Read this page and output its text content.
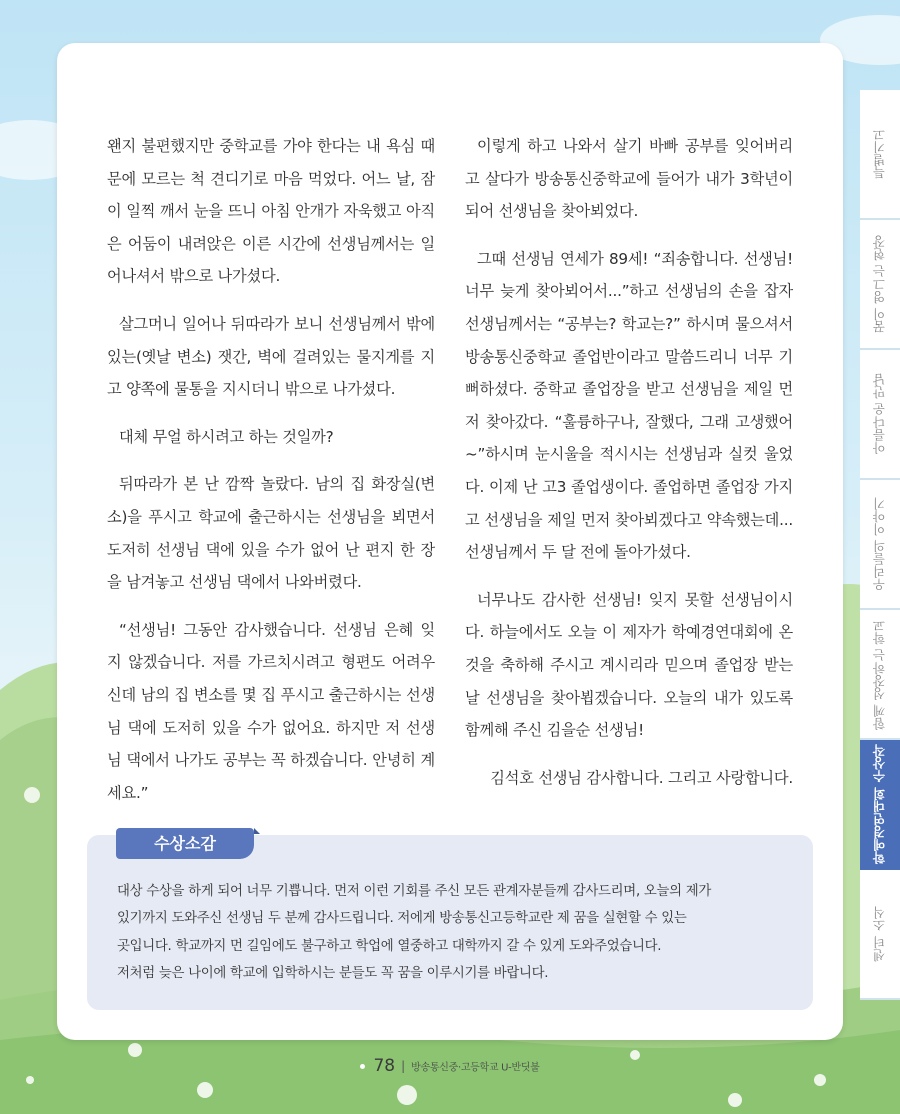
특별기고
꿈이 영그는 현장
아름다운 만남
우리들의 이야기
함께 성장하는 학교
학예경연대회 수상작
센터 소식

왠지 불편했지만 중학교를 가야 한다는 내 욕심 때문에 모르는 척 견디기로 마음 먹었다. 어느 날, 잠이 일찍 깨서 눈을 뜨니 아침 안개가 자욱했고 아직은 어둠이 내려앉은 이른 시간에 선생님께서는 일어나셔서 밖으로 나가셨다.

살그머니 일어나 뒤따라가 보니 선생님께서 밖에 있는(옛날 변소) 잿간, 벽에 걸려있는 물지게를 지고 양쪽에 물통을 지시더니 밖으로 나가셨다.

대체 무얼 하시려고 하는 것일까?

뒤따라가 본 난 깜짝 놀랐다. 남의 집 화장실(변소)을 푸시고 학교에 출근하시는 선생님을 뵈면서 도저히 선생님 댁에 있을 수가 없어 난 편지 한 장을 남겨놓고 선생님 댁에서 나와버렸다.

“선생님! 그동안 감사했습니다. 선생님 은혜 잊지 않겠습니다. 저를 가르치시려고 형편도 어려우신데 남의 집 변소를 몇 집 푸시고 출근하시는 선생님 댁에 도저히 있을 수가 없어요. 하지만 저 선생님 댁에서 나가도 공부는 꼭 하겠습니다. 안녕히 계세요.”

이렇게 하고 나와서 살기 바빠 공부를 잊어버리고 살다가 방송통신중학교에 들어가 내가 3학년이 되어 선생님을 찾아뵈었다.

그때 선생님 연세가 89세! “죄송합니다. 선생님! 너무 늦게 찾아뵈어서...”하고 선생님의 손을 잡자 선생님께서는 “공부는? 학교는?” 하시며 물으셔서 방송통신중학교 졸업반이라고 말씀드리니 너무 기뻐하셨다. 중학교 졸업장을 받고 선생님을 제일 먼저 찾아갔다. “훌륭하구나, 잘했다, 그래 고생했어~”하시며 눈시울을 적시시는 선생님과 실컷 울었다. 이제 난 고3 졸업생이다. 졸업하면 졸업장 가지고 선생님을 제일 먼저 찾아뵈겠다고 약속했는데... 선생님께서 두 달 전에 돌아가셨다.

너무나도 감사한 선생님! 잊지 못할 선생님이시다. 하늘에서도 오늘 이 제자가 학예경연대회에 온 것을 축하해 주시고 계시리라 믿으며 졸업장 받는 날 선생님을 찾아뵙겠습니다. 오늘의 내가 있도록 함께해 주신 김을순 선생님!

김석호 선생님 감사합니다. 그리고 사랑합니다.

수상소감
대상 수상을 하게 되어 너무 기쁩니다. 먼저 이런 기회를 주신 모든 관계자분들께 감사드리며, 오늘의 제가
있기까지 도와주신 선생님 두 분께 감사드립니다. 저에게 방송통신고등학교란 제 꿈을 실현할 수 있는
곳입니다. 학교까지 먼 길임에도 불구하고 학업에 열중하고 대학까지 갈 수 있게 도와주었습니다.
저처럼 늦은 나이에 학교에 입학하시는 분들도 꼭 꿈을 이루시기를 바랍니다.
78 | 방송통신중·고등학교 U-반딧불
